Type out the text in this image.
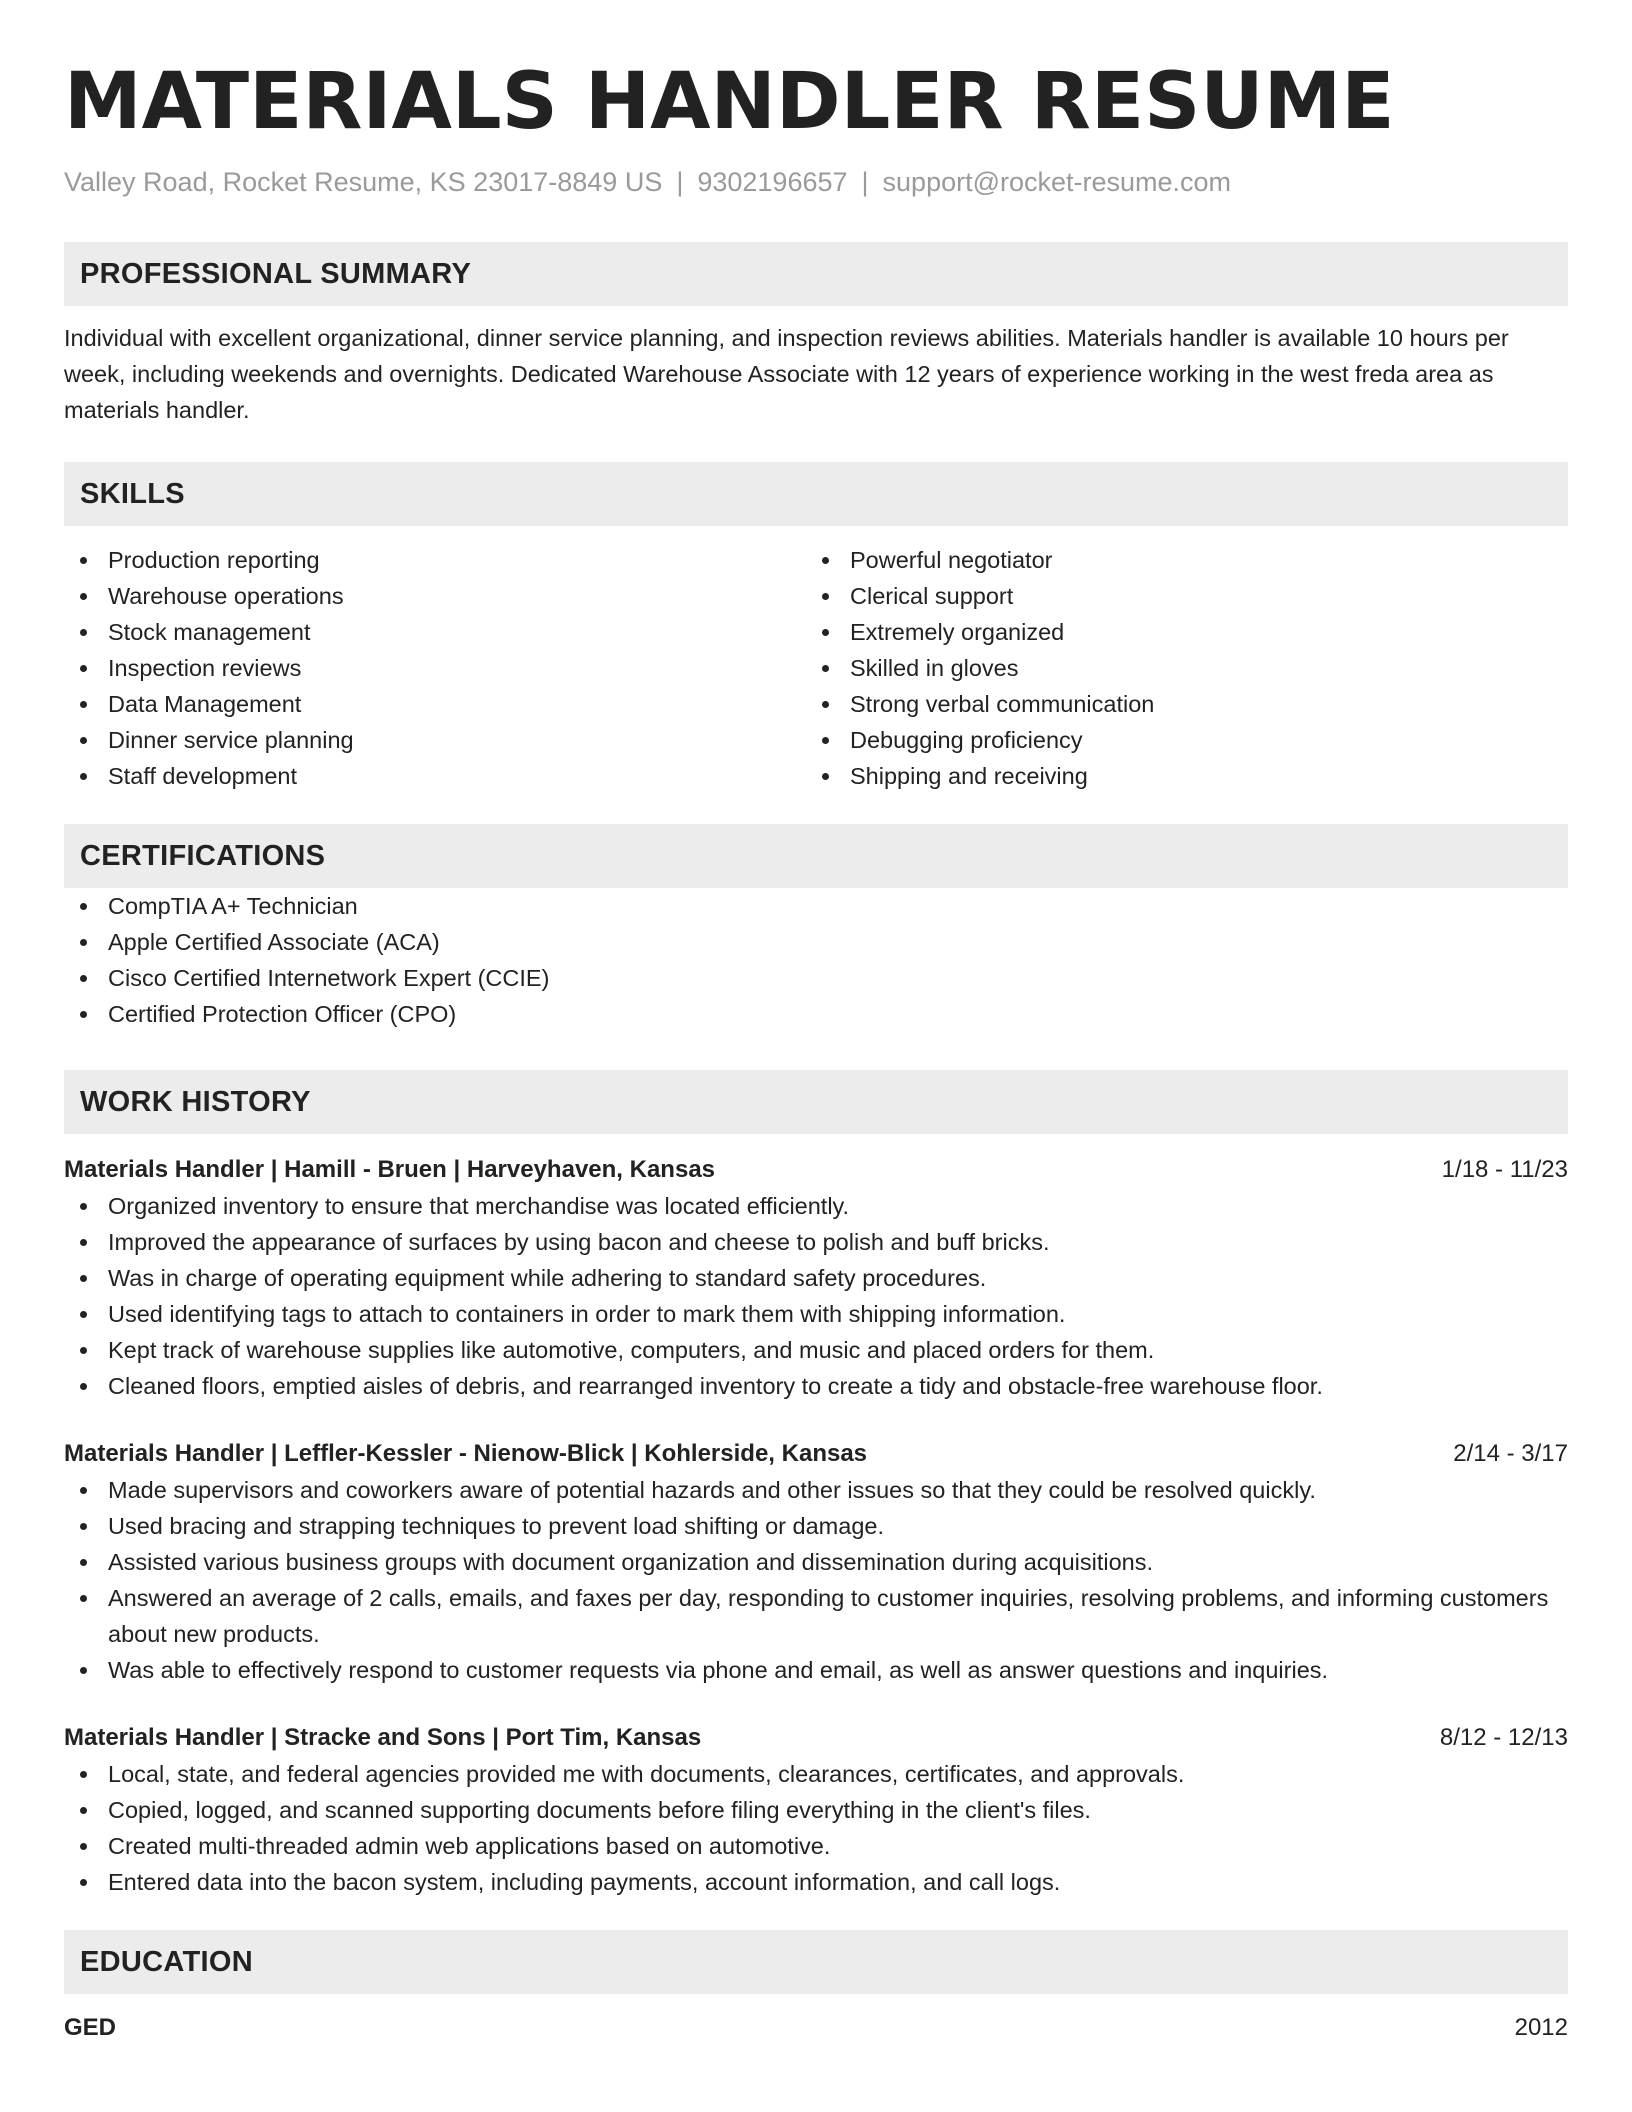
MATERIALS HANDLER RESUME
Valley Road, Rocket Resume, KS 23017-8849 US | 9302196657 | support@rocket-resume.com
PROFESSIONAL SUMMARY
Individual with excellent organizational, dinner service planning, and inspection reviews abilities. Materials handler is available 10 hours per week, including weekends and overnights. Dedicated Warehouse Associate with 12 years of experience working in the west freda area as materials handler.
SKILLS
Production reporting
Warehouse operations
Stock management
Inspection reviews
Data Management
Dinner service planning
Staff development
Powerful negotiator
Clerical support
Extremely organized
Skilled in gloves
Strong verbal communication
Debugging proficiency
Shipping and receiving
CERTIFICATIONS
CompTIA A+ Technician
Apple Certified Associate (ACA)
Cisco Certified Internetwork Expert (CCIE)
Certified Protection Officer (CPO)
WORK HISTORY
Materials Handler | Hamill - Bruen | Harveyhaven, Kansas	1/18 - 11/23
Organized inventory to ensure that merchandise was located efficiently.
Improved the appearance of surfaces by using bacon and cheese to polish and buff bricks.
Was in charge of operating equipment while adhering to standard safety procedures.
Used identifying tags to attach to containers in order to mark them with shipping information.
Kept track of warehouse supplies like automotive, computers, and music and placed orders for them.
Cleaned floors, emptied aisles of debris, and rearranged inventory to create a tidy and obstacle-free warehouse floor.
Materials Handler | Leffler-Kessler - Nienow-Blick | Kohlerside, Kansas	2/14 - 3/17
Made supervisors and coworkers aware of potential hazards and other issues so that they could be resolved quickly.
Used bracing and strapping techniques to prevent load shifting or damage.
Assisted various business groups with document organization and dissemination during acquisitions.
Answered an average of 2 calls, emails, and faxes per day, responding to customer inquiries, resolving problems, and informing customers about new products.
Was able to effectively respond to customer requests via phone and email, as well as answer questions and inquiries.
Materials Handler | Stracke and Sons | Port Tim, Kansas	8/12 - 12/13
Local, state, and federal agencies provided me with documents, clearances, certificates, and approvals.
Copied, logged, and scanned supporting documents before filing everything in the client's files.
Created multi-threaded admin web applications based on automotive.
Entered data into the bacon system, including payments, account information, and call logs.
EDUCATION
GED	2012
